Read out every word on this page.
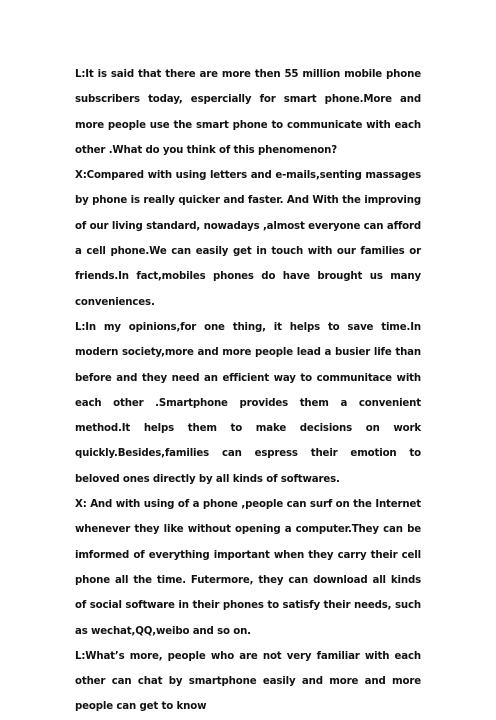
L:It is said that there are more then 55 million mobile phone subscribers today, espercially for smart phone.More and more people use the smart phone to communicate with each other .What do you think of this phenomenon?

X:Compared with using letters and e-mails,senting massages by phone is really quicker and faster. And With the improving of our living standard, nowadays ,almost everyone can afford a cell phone.We can easily get in touch with our families or friends.In fact,mobiles phones do have brought us many conveniences.

L:In my opinions,for one thing, it helps to save time.In modern society,more and more people lead a busier life than before and they need an efficient way to communitace with each other .Smartphone provides them a convenient method.It helps them to make decisions on work quickly.Besides,families can espress their emotion to beloved ones directly by all kinds of softwares.

X: And with using of a phone ,people can surf on the Internet whenever they like without opening a computer.They can be imformed of everything important when they carry their cell phone all the time. Futermore, they can download all kinds of social software in their phones to satisfy their needs, such as wechat,QQ,weibo and so on.

L:What’s more, people who are not very familiar with each other can chat by smartphone easily and more and more people can get to know
